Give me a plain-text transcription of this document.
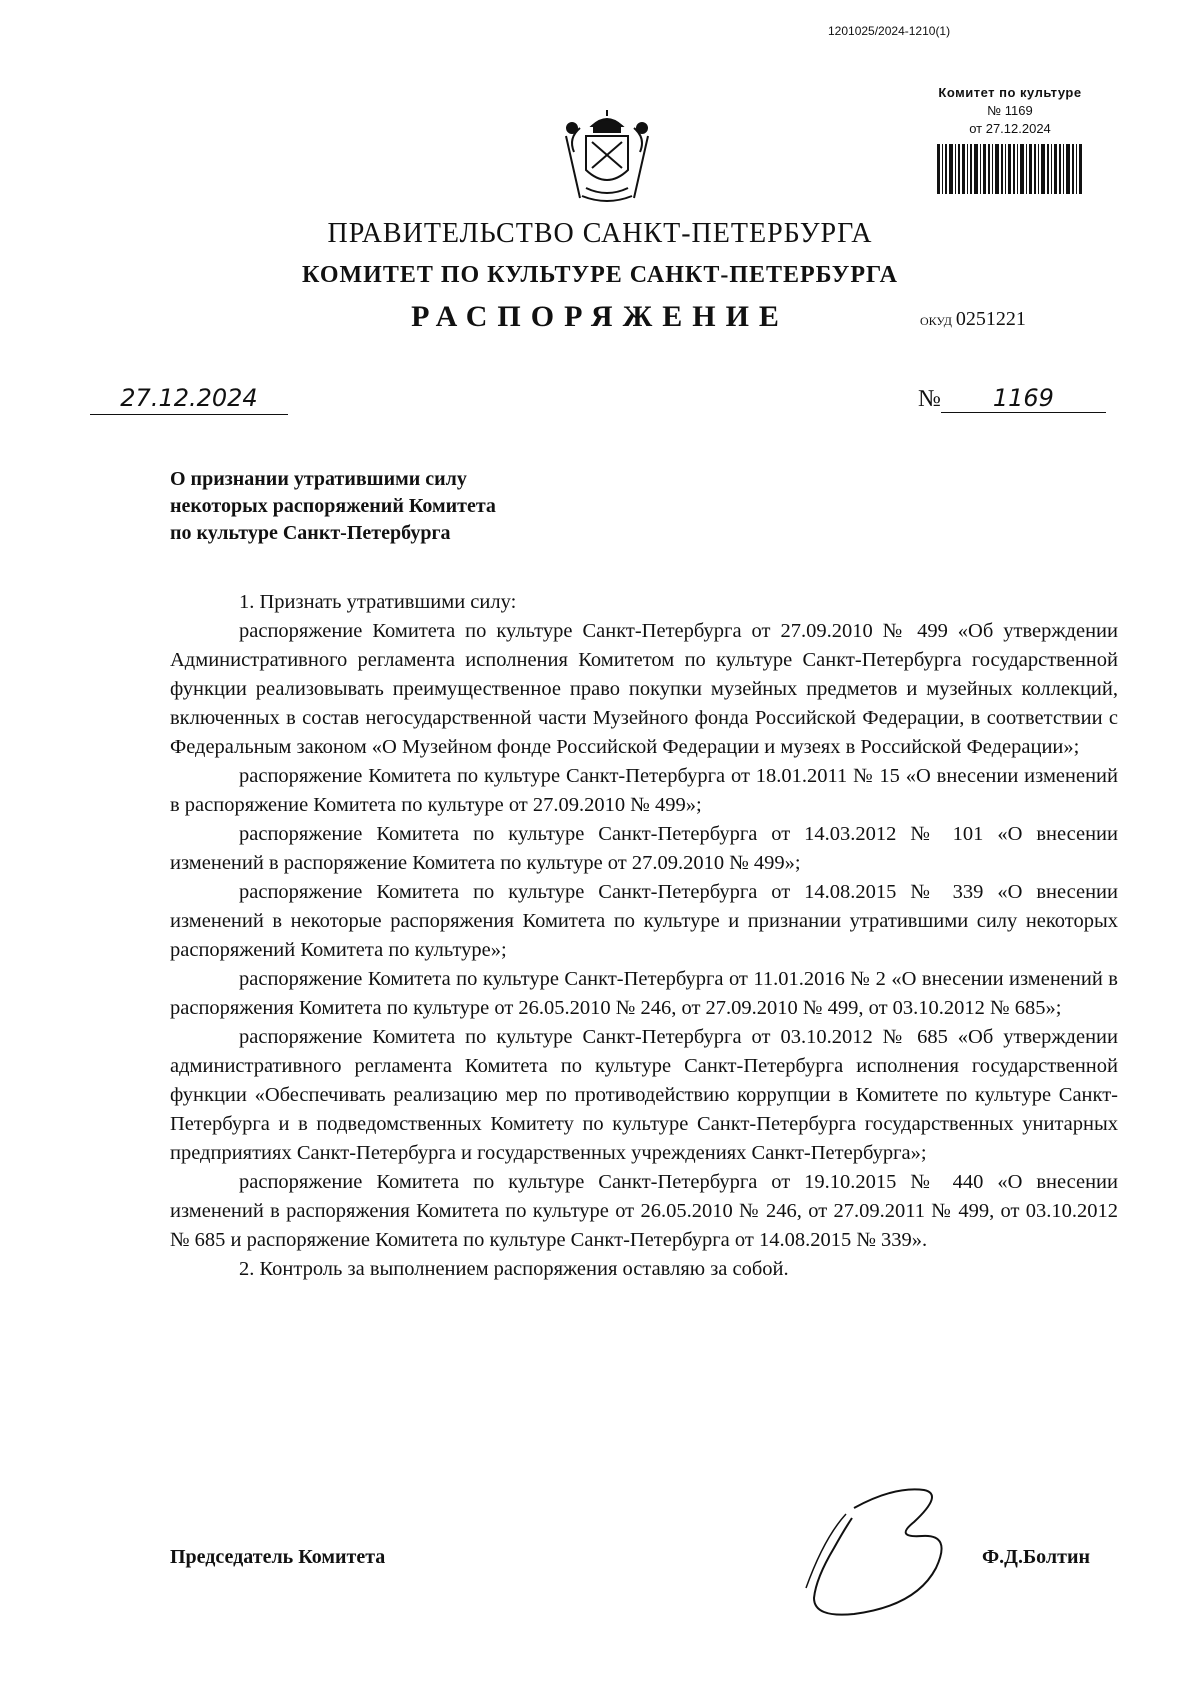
1201025/2024-1210(1)
Комитет по культуре
№ 1169
от 27.12.2024
ПРАВИТЕЛЬСТВО САНКТ-ПЕТЕРБУРГА
КОМИТЕТ ПО КУЛЬТУРЕ САНКТ-ПЕТЕРБУРГА
РАСПОРЯЖЕНИЕ	ОКУД 0251221
27.12.2024	№ 1169
О признании утратившими силу
некоторых распоряжений Комитета
по культуре Санкт-Петербурга

1. Признать утратившими силу:

распоряжение Комитета по культуре Санкт-Петербурга от 27.09.2010 № 499 «Об утверждении Административного регламента исполнения Комитетом по культуре Санкт-Петербурга государственной функции реализовывать преимущественное право покупки музейных предметов и музейных коллекций, включенных в состав негосударственной части Музейного фонда Российской Федерации, в соответствии с Федеральным законом «О Музейном фонде Российской Федерации и музеях в Российской Федерации»;

распоряжение Комитета по культуре Санкт-Петербурга от 18.01.2011 № 15 «О внесении изменений в распоряжение Комитета по культуре от 27.09.2010 № 499»;

распоряжение Комитета по культуре Санкт-Петербурга от 14.03.2012 № 101 «О внесении изменений в распоряжение Комитета по культуре от 27.09.2010 № 499»;

распоряжение Комитета по культуре Санкт-Петербурга от 14.08.2015 № 339 «О внесении изменений в некоторые распоряжения Комитета по культуре и признании утратившими силу некоторых распоряжений Комитета по культуре»;

распоряжение Комитета по культуре Санкт-Петербурга от 11.01.2016 № 2 «О внесении изменений в распоряжения Комитета по культуре от 26.05.2010 № 246, от 27.09.2010 № 499, от 03.10.2012 № 685»;

распоряжение Комитета по культуре Санкт-Петербурга от 03.10.2012 № 685 «Об утверждении административного регламента Комитета по культуре Санкт-Петербурга исполнения государственной функции «Обеспечивать реализацию мер по противодействию коррупции в Комитете по культуре Санкт-Петербурга и в подведомственных Комитету по культуре Санкт-Петербурга государственных унитарных предприятиях Санкт-Петербурга и государственных учреждениях Санкт-Петербурга»;

распоряжение Комитета по культуре Санкт-Петербурга от 19.10.2015 № 440 «О внесении изменений в распоряжения Комитета по культуре от 26.05.2010 № 246, от 27.09.2011 № 499, от 03.10.2012 № 685 и распоряжение Комитета по культуре Санкт-Петербурга от 14.08.2015 № 339».

2. Контроль за выполнением распоряжения оставляю за собой.

Председатель Комитета	Ф.Д.Болтин
